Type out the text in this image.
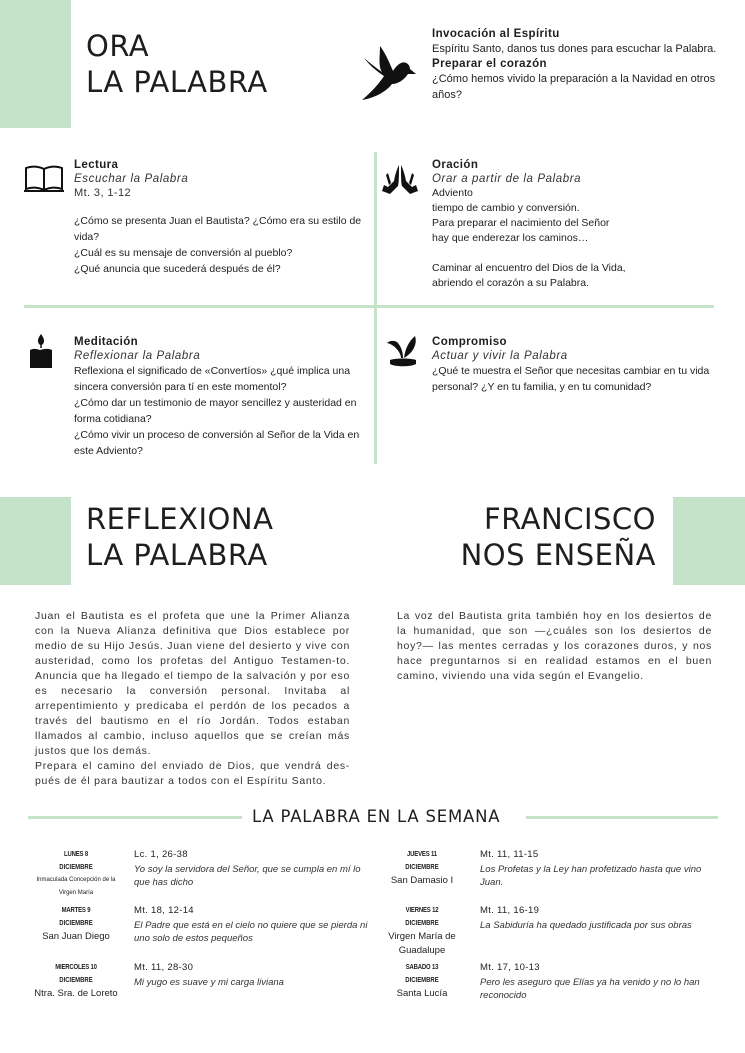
ORA
LA PALABRA
Invocación al Espíritu
Espíritu Santo, danos tus dones para escuchar la Palabra.
Preparar el corazón
¿Cómo hemos vivido la preparación a la Navidad en otros años?
Lectura
Escuchar la Palabra
Mt. 3, 1-12

¿Cómo se presenta Juan el Bautista? ¿Cómo era su estilo de vida?

¿Cuál es su mensaje de conversión al pueblo?

¿Qué anuncia que sucederá después de él?

Oración
Orar a partir de la Palabra

Adviento

tiempo de cambio y conversión.

Para preparar el nacimiento del Señor

hay que enderezar los caminos…

Caminar al encuentro del Dios de la Vida,

abriendo el corazón a su Palabra.

Meditación
Reflexionar la Palabra

Reflexiona el significado de «Convertíos» ¿qué implica una sincera conversión para tí en este momentol?

¿Cómo dar un testimonio de mayor sencillez y austeridad en forma cotidiana?

¿Cómo vivir un proceso de conversión al Señor de la Vida en este Adviento?

Compromiso
Actuar y vivir la Palabra
¿Qué te muestra el Señor que necesitas cambiar en tu vida personal? ¿Y en tu familia, y en tu comunidad?
REFLEXIONA
LA PALABRA
FRANCISCO
NOS ENSEÑA

Juan el Bautista es el profeta que une la Primer Alianza con la Nueva Alianza definitiva que Dios establece por medio de su Hijo Jesús. Juan viene del desierto y vive con austeridad, como los profetas del Antiguo Testamen-to. Anuncia que ha llegado el tiempo de la salvación y por eso es necesario la conversión personal. Invitaba al arrepentimiento y predicaba el perdón de los pecados a través del bautismo en el río Jordán. Todos estaban llamados al cambio, incluso aquellos que se creían más justos que los demás.

Prepara el camino del enviado de Dios, que vendrá des-pués de él para bautizar a todos con el Espíritu Santo.

La voz del Bautista grita también hoy en los desiertos de la humanidad, que son —¿cuáles son los desiertos de hoy?— las mentes cerradas y los corazones duros, y nos hace preguntarnos si en realidad estamos en el buen camino, viviendo una vida según el Evangelio.

LA PALABRA EN LA SEMANA
LUNES 8
DICIEMBRE
Inmaculada Concepción de la Virgen María
Lc. 1, 26-38
Yo soy la servidora del Señor, que se cumpla en mí lo que has dicho
MARTES 9
DICIEMBRE
San Juan Diego
Mt. 18, 12-14
El Padre que está en el cielo no quiere que se pierda ni uno solo de estos pequeños
MIERCOLES 10
DICIEMBRE
Ntra. Sra. de Loreto
Mt. 11, 28-30
Mi yugo es suave y mi carga liviana
JUEVES 11
DICIEMBRE
San Damasio I
Mt. 11, 11-15
Los Profetas y la Ley han profetizado hasta que vino Juan.
VIERNES 12
DICIEMBRE
Virgen María de Guadalupe
Mt. 11, 16-19
La Sabiduría ha quedado justificada por sus obras
SABADO 13
DICIEMBRE
Santa Lucía
Mt. 17, 10-13
Pero les aseguro que Elías ya ha venido y no lo han reconocido
